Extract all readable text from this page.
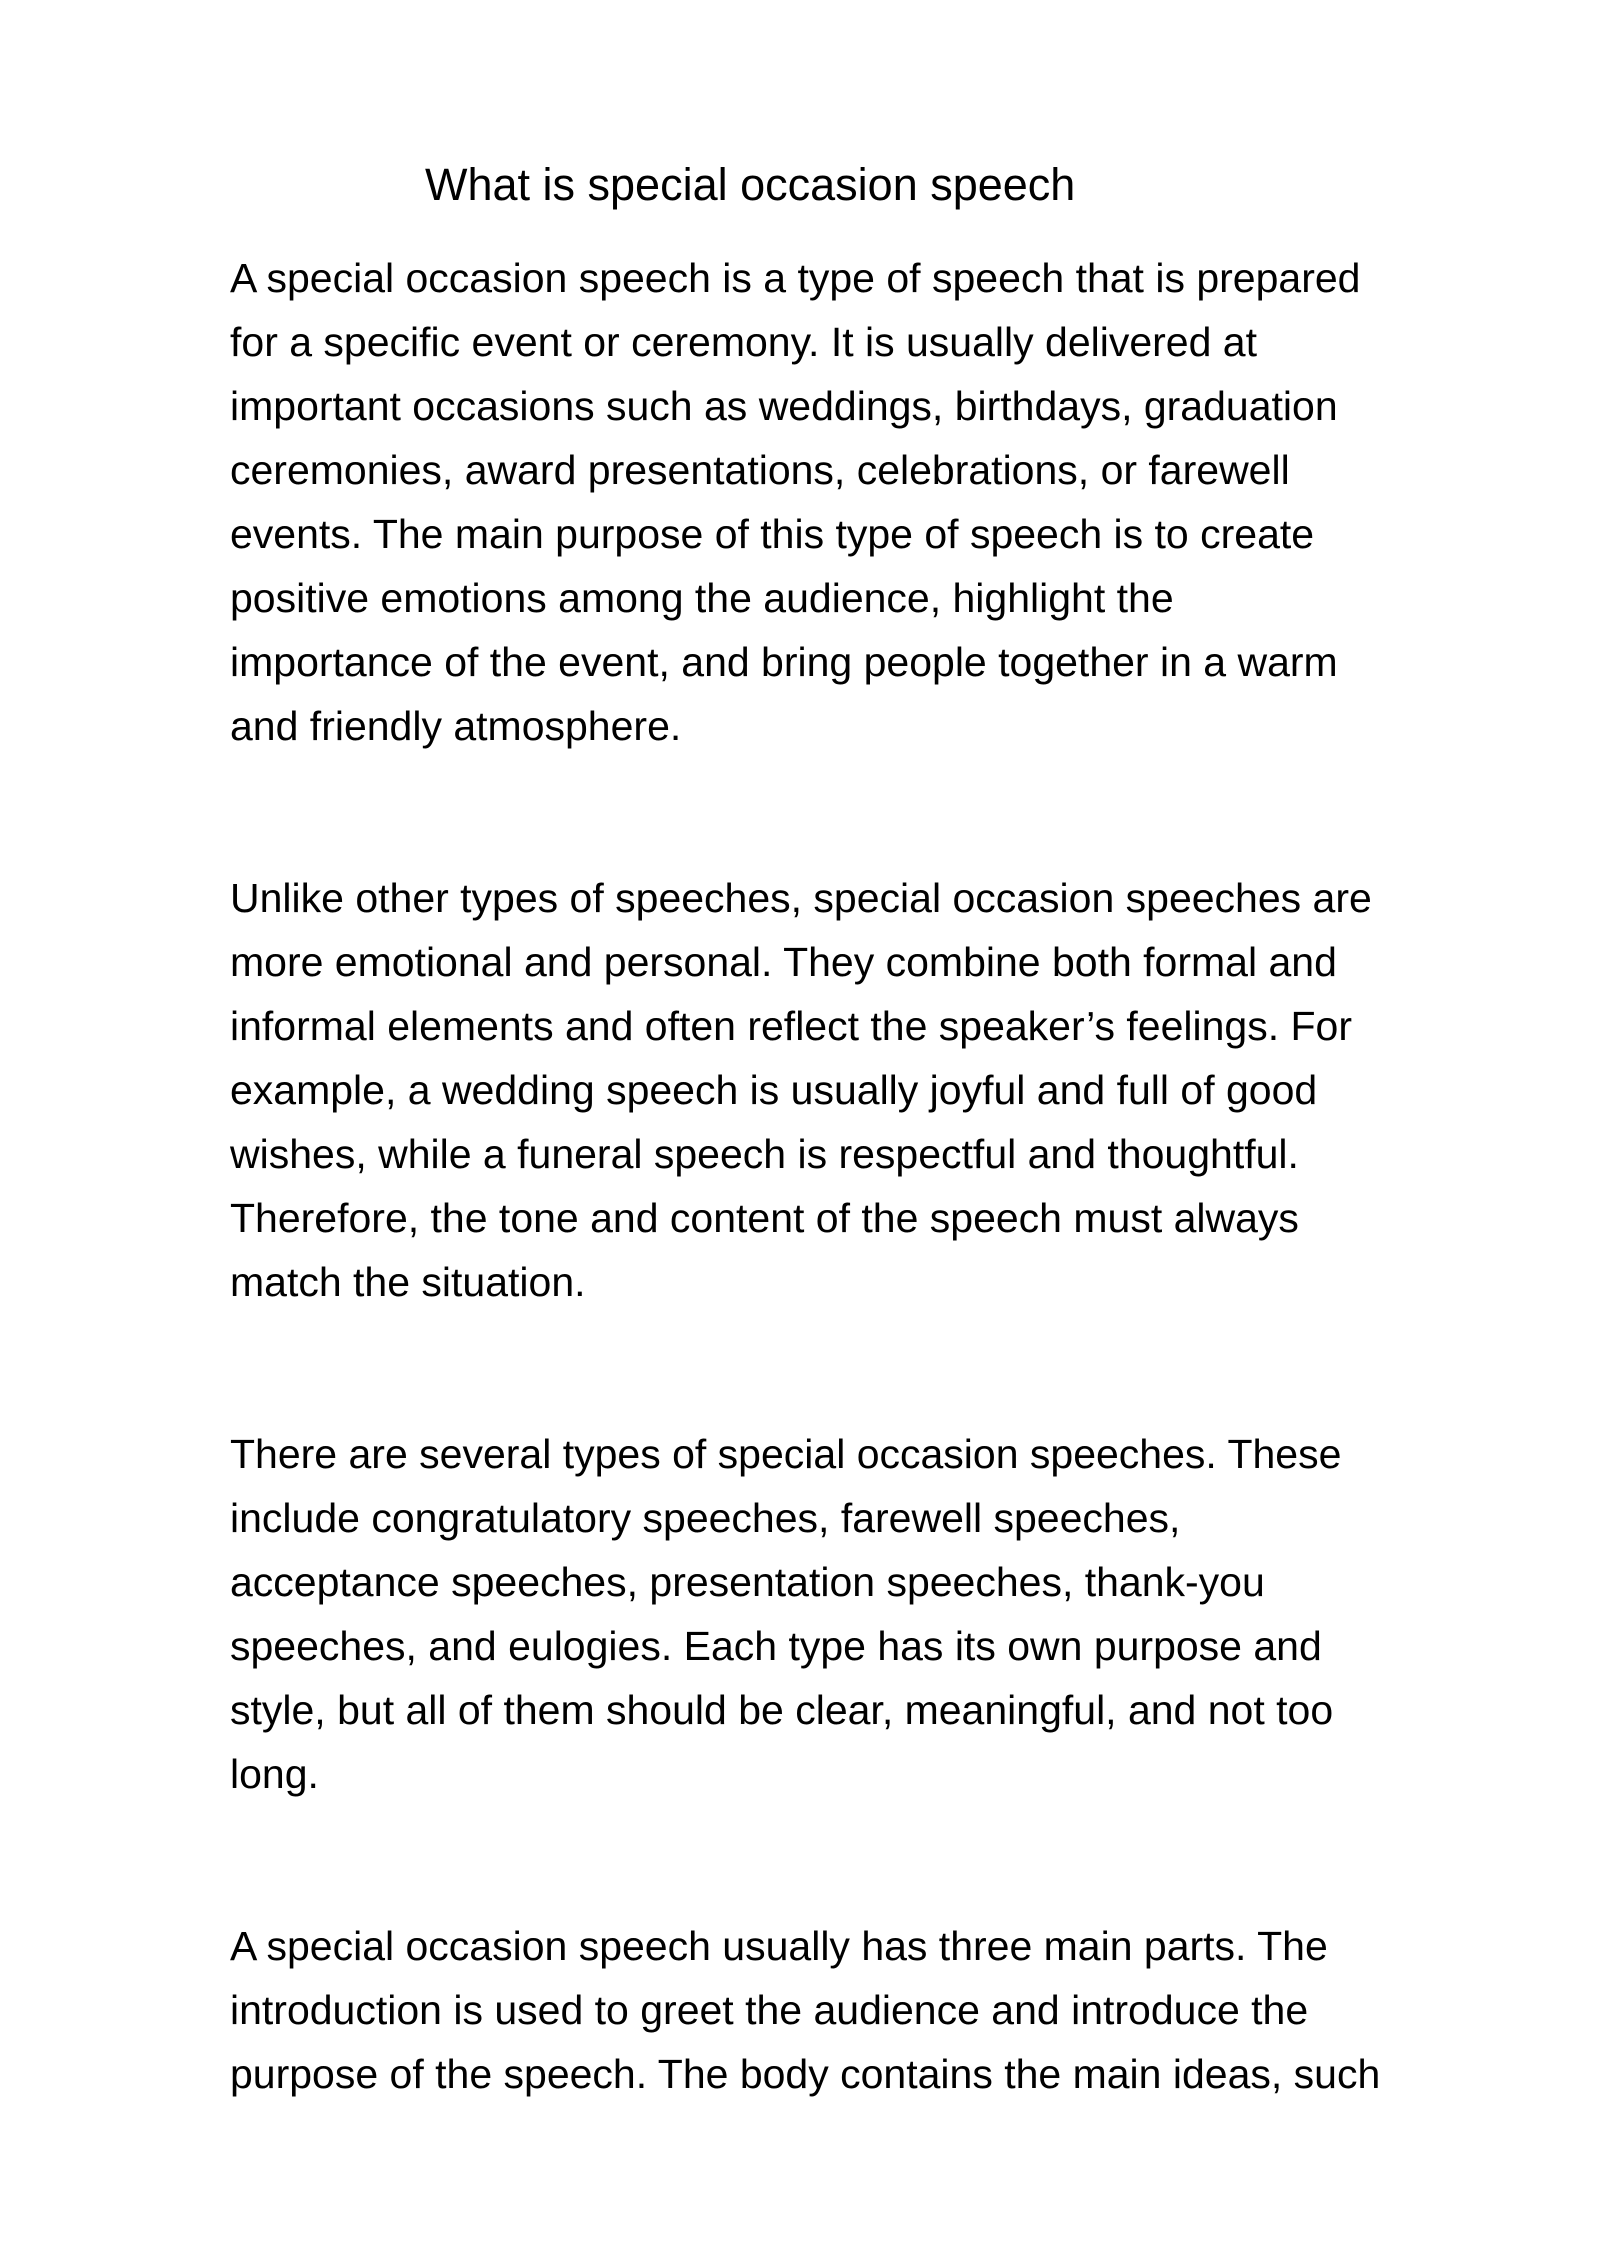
What is special occasion speech
A special occasion speech is a type of speech that is prepared
for a specific event or ceremony. It is usually delivered at
important occasions such as weddings, birthdays, graduation
ceremonies, award presentations, celebrations, or farewell
events. The main purpose of this type of speech is to create
positive emotions among the audience, highlight the
importance of the event, and bring people together in a warm
and friendly atmosphere.
Unlike other types of speeches, special occasion speeches are
more emotional and personal. They combine both formal and
informal elements and often reflect the speaker’s feelings. For
example, a wedding speech is usually joyful and full of good
wishes, while a funeral speech is respectful and thoughtful.
Therefore, the tone and content of the speech must always
match the situation.
There are several types of special occasion speeches. These
include congratulatory speeches, farewell speeches,
acceptance speeches, presentation speeches, thank-you
speeches, and eulogies. Each type has its own purpose and
style, but all of them should be clear, meaningful, and not too
long.
A special occasion speech usually has three main parts. The
introduction is used to greet the audience and introduce the
purpose of the speech. The body contains the main ideas, such
